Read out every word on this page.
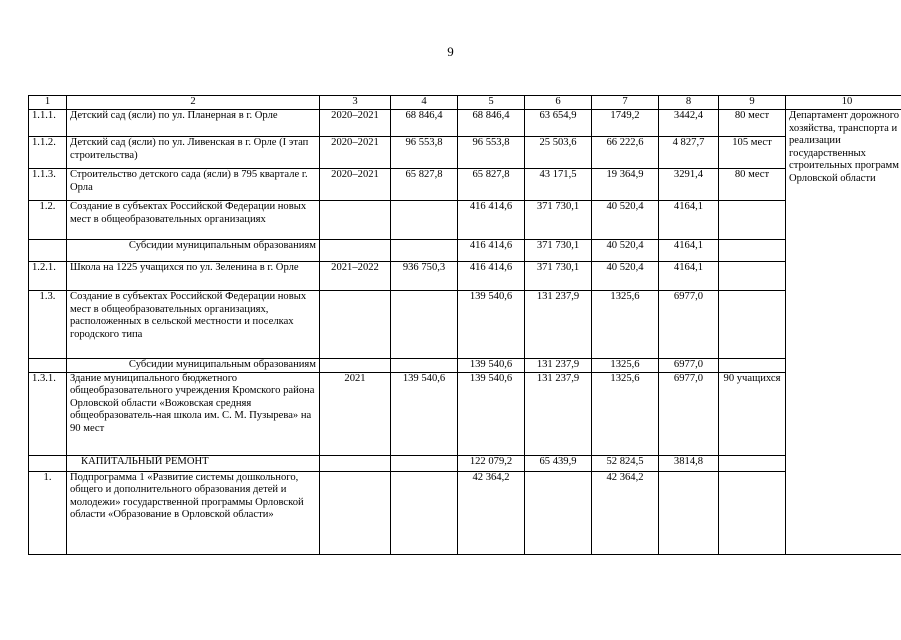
9
1	2	3	4	5	6	7	8	9	10
1.1.1.	Детский сад (ясли) по ул. Планерная в г. Орле	2020–2021	68 846,4	68 846,4	63 654,9	1749,2	3442,4	80 мест	Департамент дорожного хозяйства, транспорта и реализации государственных строительных программ Орловской области
1.1.2.	Детский сад (ясли) по ул. Ливенская в г. Орле (I этап строительства)	2020–2021	96 553,8	96 553,8	25 503,6	66 222,6	4 827,7	105 мест	
1.1.3.	Строительство детского сада (ясли) в 795 квартале г. Орла	2020–2021	65 827,8	65 827,8	43 171,5	19 364,9	3291,4	80 мест	
1.2.	Создание в субъектах Российской Федерации новых мест в общеобразовательных организациях			416 414,6	371 730,1	40 520,4	4164,1		
	Субсидии муниципальным образованиям			416 414,6	371 730,1	40 520,4	4164,1		
1.2.1.	Школа на 1225 учащихся по ул. Зеленина в г. Орле	2021–2022	936 750,3	416 414,6	371 730,1	40 520,4	4164,1		
1.3.	Создание в субъектах Российской Федерации новых мест в общеобразовательных организациях, расположенных в сельской местности и поселках городского типа			139 540,6	131 237,9	1325,6	6977,0		
	Субсидии муниципальным образованиям			139 540,6	131 237,9	1325,6	6977,0		
1.3.1.	Здание муниципального бюджетного общеобразовательного учреждения Кромского района Орловской области «Вожовская средняя общеобразователь-ная школа им. С. М. Пузырева» на 90 мест	2021	139 540,6	139 540,6	131 237,9	1325,6	6977,0	90 учащихся	
	КАПИТАЛЬНЫЙ РЕМОНТ			122 079,2	65 439,9	52 824,5	3814,8		
1.	Подпрограмма 1 «Развитие системы дошкольного, общего и дополнительного образования детей и молодежи» государственной программы Орловской области «Образование в Орловской области»			42 364,2		42 364,2			
